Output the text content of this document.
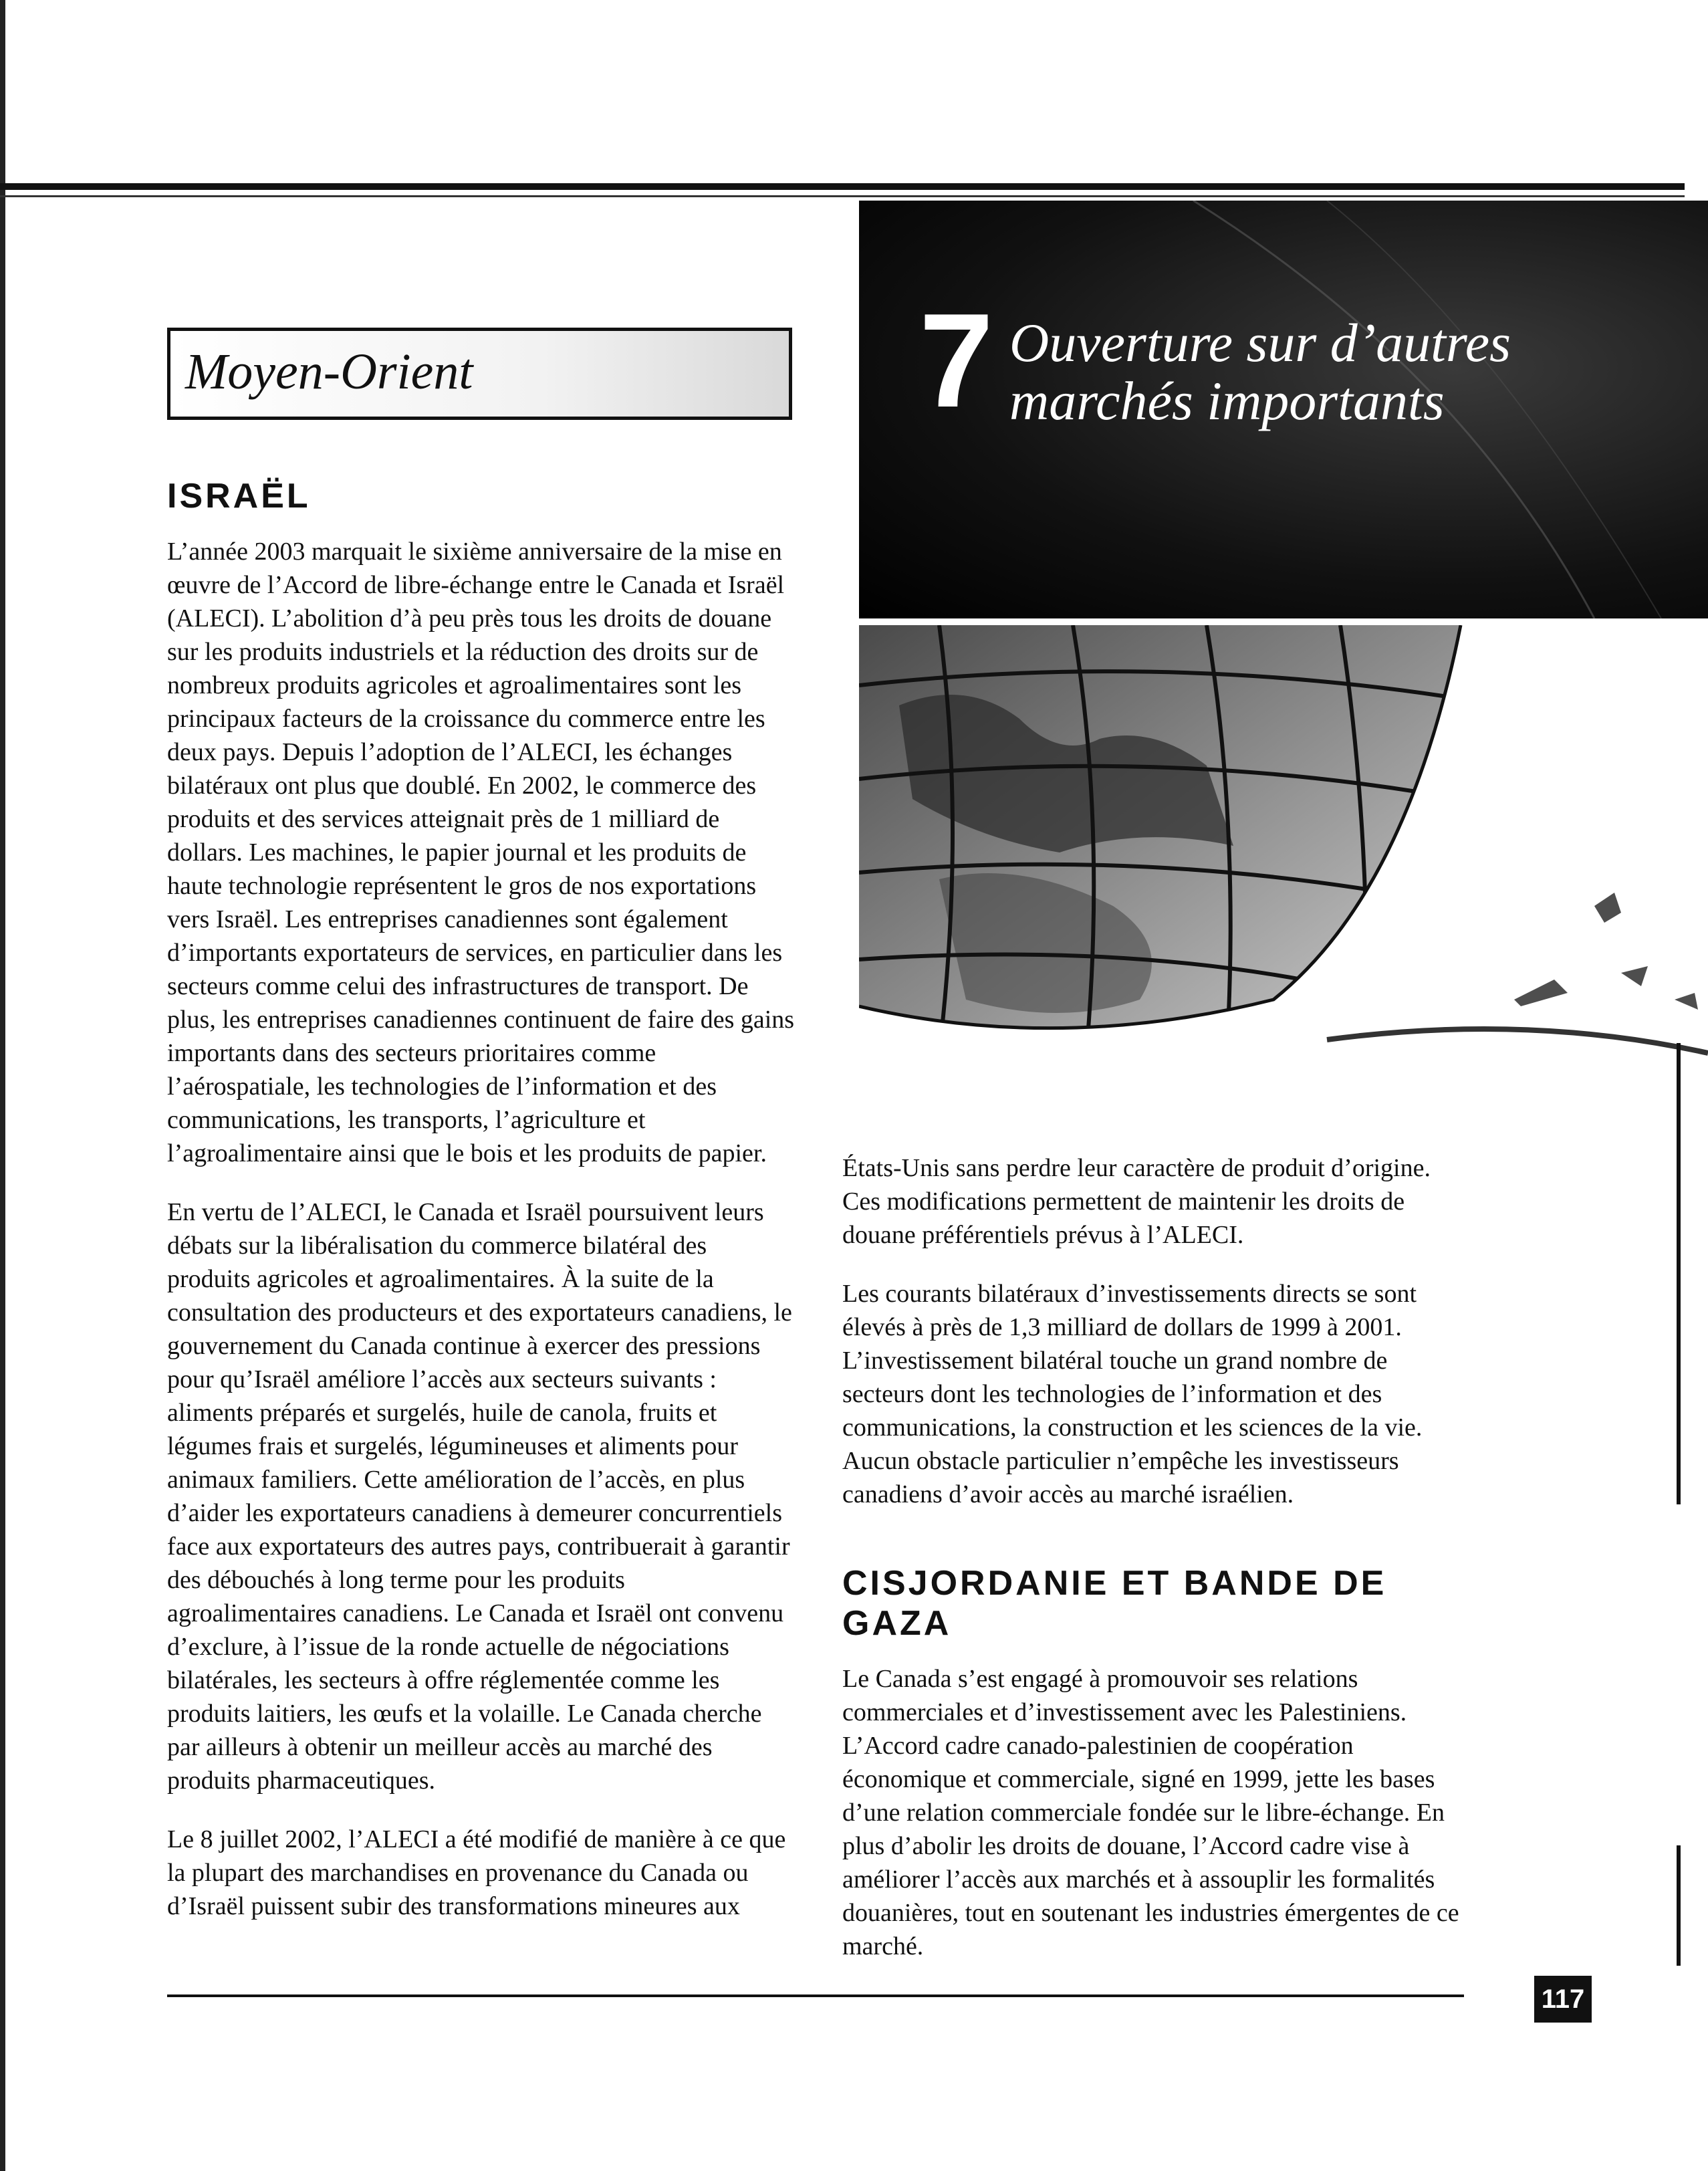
Moyen-Orient	7 Ouverture sur d’autres
marchés importants
ISRAËL

L’année 2003 marquait le sixième anniversaire de la mise en œuvre de l’Accord de libre-échange entre le Canada et Israël (ALECI). L’abolition d’à peu près tous les droits de douane sur les produits industriels et la réduction des droits sur de nombreux produits agricoles et agroalimentaires sont les principaux facteurs de la croissance du commerce entre les deux pays. Depuis l’adoption de l’ALECI, les échanges bilatéraux ont plus que doublé. En 2002, le commerce des produits et des services atteignait près de 1 milliard de dollars. Les machines, le papier journal et les produits de haute technologie représentent le gros de nos exportations vers Israël. Les entreprises canadiennes sont également d’importants exportateurs de services, en particulier dans les secteurs comme celui des infrastructures de transport. De plus, les entreprises canadiennes continuent de faire des gains importants dans des secteurs prioritaires comme l’aérospatiale, les technologies de l’information et des communications, les transports, l’agriculture et l’agroalimentaire ainsi que le bois et les produits de papier.

En vertu de l’ALECI, le Canada et Israël poursuivent leurs débats sur la libéralisation du commerce bilatéral des produits agricoles et agroalimentaires. À la suite de la consultation des producteurs et des exportateurs canadiens, le gouvernement du Canada continue à exercer des pressions pour qu’Israël améliore l’accès aux secteurs suivants : aliments préparés et surgelés, huile de canola, fruits et légumes frais et surgelés, légumineuses et aliments pour animaux familiers. Cette amélioration de l’accès, en plus d’aider les exportateurs canadiens à demeurer concurrentiels face aux exportateurs des autres pays, contribuerait à garantir des débouchés à long terme pour les produits agroalimentaires canadiens. Le Canada et Israël ont convenu d’exclure, à l’issue de la ronde actuelle de négociations bilatérales, les secteurs à offre réglementée comme les produits laitiers, les œufs et la volaille. Le Canada cherche par ailleurs à obtenir un meilleur accès au marché des produits pharmaceutiques.

Le 8 juillet 2002, l’ALECI a été modifié de manière à ce que la plupart des marchandises en provenance du Canada ou d’Israël puissent subir des transformations mineures aux

États-Unis sans perdre leur caractère de produit d’origine. Ces modifications permettent de maintenir les droits de douane préférentiels prévus à l’ALECI.

Les courants bilatéraux d’investissements directs se sont élevés à près de 1,3 milliard de dollars de 1999 à 2001. L’investissement bilatéral touche un grand nombre de secteurs dont les technologies de l’information et des communications, la construction et les sciences de la vie. Aucun obstacle particulier n’empêche les investisseurs canadiens d’avoir accès au marché israélien.

CISJORDANIE ET BANDE DE GAZA

Le Canada s’est engagé à promouvoir ses relations commerciales et d’investissement avec les Palestiniens. L’Accord cadre canado-palestinien de coopération économique et commerciale, signé en 1999, jette les bases d’une relation commerciale fondée sur le libre-échange. En plus d’abolir les droits de douane, l’Accord cadre vise à améliorer l’accès aux marchés et à assouplir les formalités douanières, tout en soutenant les industries émergentes de ce marché.

117
